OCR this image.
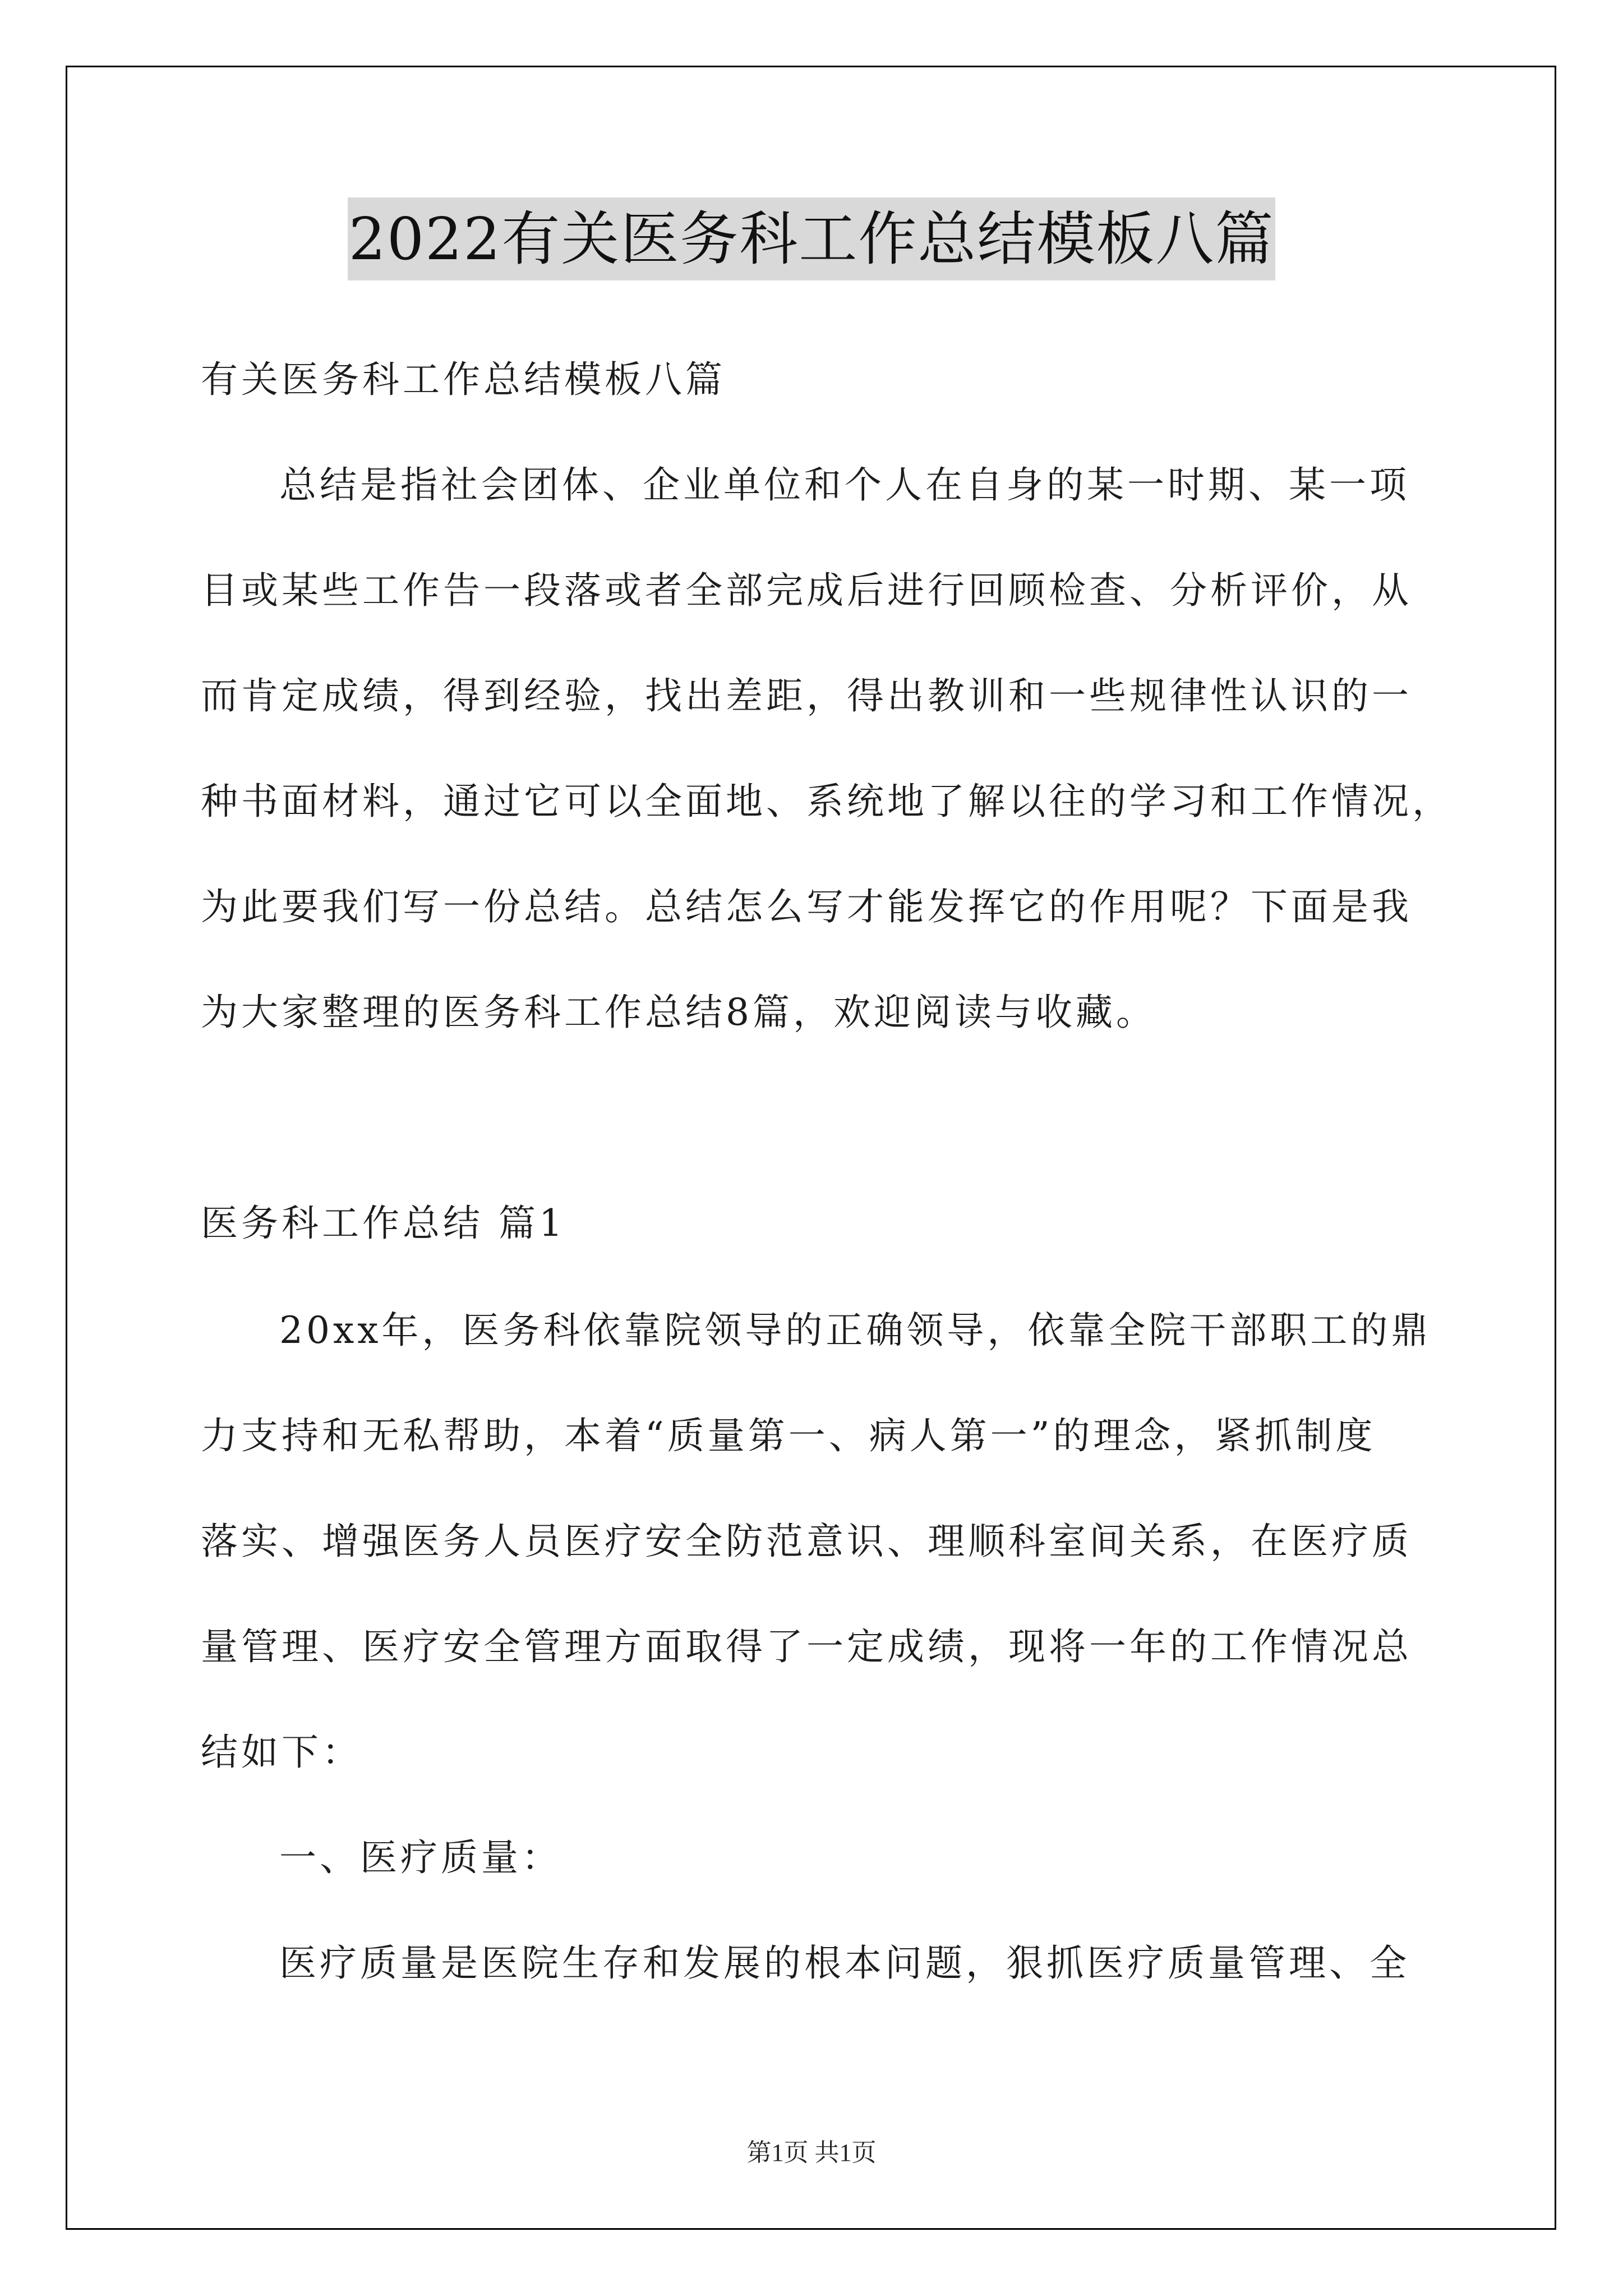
2022有关医务科工作总结模板八篇
有关医务科工作总结模板八篇
总结是指社会团体、企业单位和个人在自身的某一时期、某一项
目或某些工作告一段落或者全部完成后进行回顾检查、分析评价，从
而肯定成绩，得到经验，找出差距，得出教训和一些规律性认识的一
种书面材料，通过它可以全面地、系统地了解以往的学习和工作情况，
为此要我们写一份总结。总结怎么写才能发挥它的作用呢？下面是我
为大家整理的医务科工作总结8篇，欢迎阅读与收藏。
医务科工作总结 篇1
20xx年，医务科依靠院领导的正确领导，依靠全院干部职工的鼎
力支持和无私帮助，本着“质量第一、病人第一”的理念，紧抓制度
落实、增强医务人员医疗安全防范意识、理顺科室间关系，在医疗质
量管理、医疗安全管理方面取得了一定成绩，现将一年的工作情况总
结如下：
一、医疗质量：
医疗质量是医院生存和发展的根本问题，狠抓医疗质量管理、全
第1页 共1页
